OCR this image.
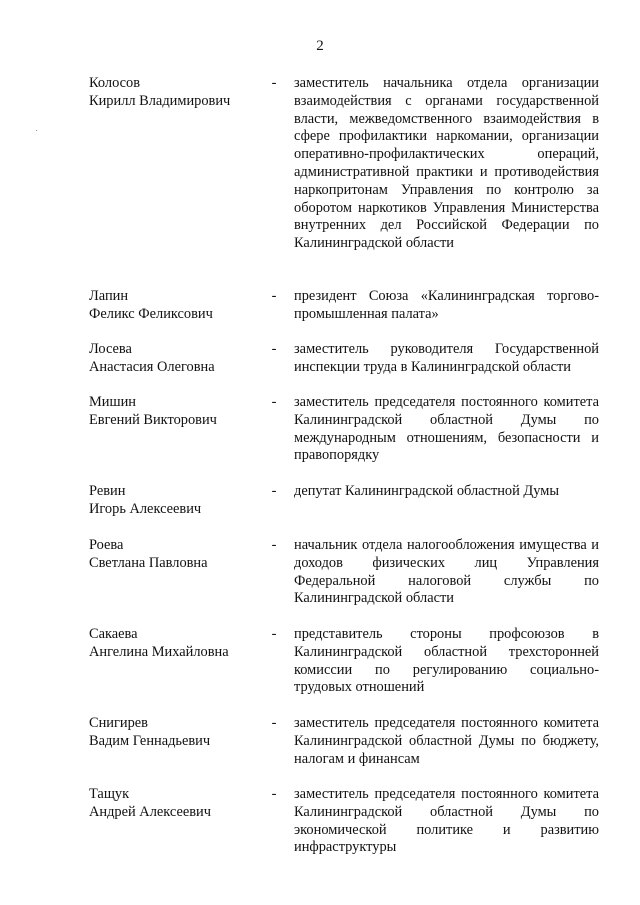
2
Колосов
Кирилл Владимирович
- заместитель начальника отдела организации взаимодействия с органами государственной власти, межведомственного взаимодействия в сфере профилактики наркомании, организации оперативно-профилактических операций, административной практики и противодействия наркопритонам Управления по контролю за оборотом наркотиков Управления Министерства внутренних дел Российской Федерации по Калининградской области
Лапин
Феликс Феликсович
- президент Союза «Калининградская торгово-промышленная палата»
Лосева
Анастасия Олеговна
- заместитель руководителя Государственной инспекции труда в Калининградской области
Мишин
Евгений Викторович
- заместитель председателя постоянного комитета Калининградской областной Думы по международным отношениям, безопасности и правопорядку
Ревин
Игорь Алексеевич
- депутат Калининградской областной Думы
Роева
Светлана Павловна
- начальник отдела налогообложения имущества и доходов физических лиц Управления Федеральной налоговой службы по Калининградской области
Сакаева
Ангелина Михайловна
- представитель стороны профсоюзов в Калининградской областной трехсторонней комиссии по регулированию социально-трудовых отношений
Снигирев
Вадим Геннадьевич
- заместитель председателя постоянного комитета Калининградской областной Думы по бюджету, налогам и финансам
Тащук
Андрей Алексеевич
- заместитель председателя постоянного комитета Калининградской областной Думы по экономической политике и развитию инфраструктуры
